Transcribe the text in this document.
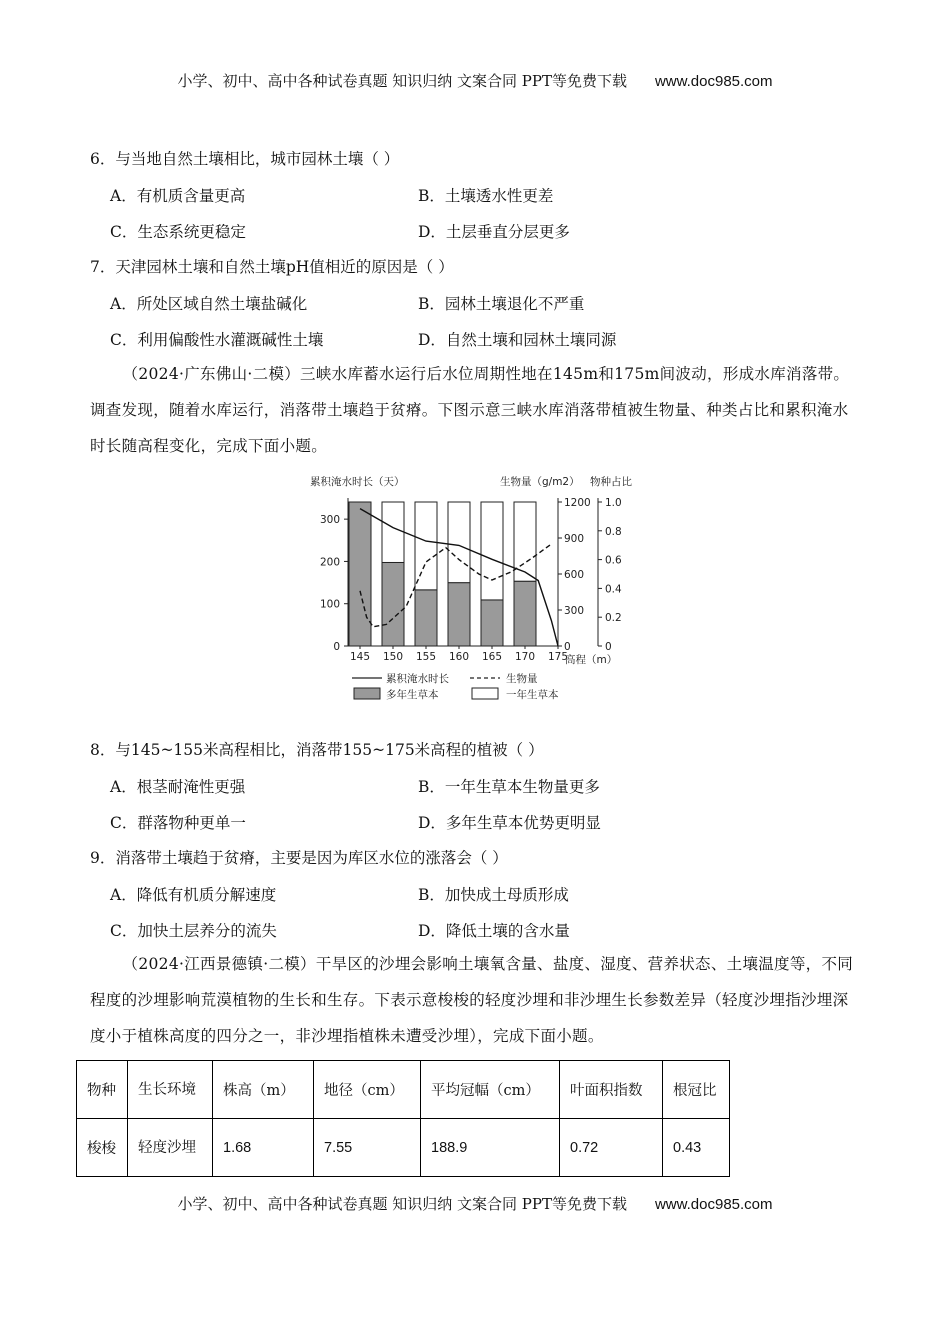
小学、初中、高中各种试卷真题 知识归纳 文案合同 PPT等免费下载 www.doc985.com
6．与当地自然土壤相比，城市园林土壤（ ）
A．有机质含量更高	B．土壤透水性更差
C．生态系统更稳定	D．土层垂直分层更多
7．天津园林土壤和自然土壤pH值相近的原因是（ ）
A．所处区域自然土壤盐碱化	B．园林土壤退化不严重
C．利用偏酸性水灌溉碱性土壤	D．自然土壤和园林土壤同源
（2024·广东佛山·二模）三峡水库蓄水运行后水位周期性地在145m和175m间波动，形成水库消落带。调查发现，随着水库运行，消落带土壤趋于贫瘠。下图示意三峡水库消落带植被生物量、种类占比和累积淹水时长随高程变化，完成下面小题。
累积淹水时长（天）	生物量（g/m2） 物种占比
0
100
200
300
0
300
600
900
1200
0
0.2
0.4
0.6
0.8
1.0
145 150 155 160 165 170 175
高程（m）
累积淹水时长	生物量
多年生草本	一年生草本
8．与145~155米高程相比，消落带155~175米高程的植被（ ）
A．根茎耐淹性更强	B．一年生草本生物量更多
C．群落物种更单一	D．多年生草本优势更明显
9．消落带土壤趋于贫瘠，主要是因为库区水位的涨落会（ ）
A．降低有机质分解速度	B．加快成土母质形成
C．加快土层养分的流失	D．降低土壤的含水量
（2024·江西景德镇·二模）干旱区的沙埋会影响土壤氧含量、盐度、湿度、营养状态、土壤温度等，不同程度的沙埋影响荒漠植物的生长和生存。下表示意梭梭的轻度沙埋和非沙埋生长参数差异（轻度沙埋指沙埋深度小于植株高度的四分之一，非沙埋指植株未遭受沙埋），完成下面小题。
物种	生长环境	株高（m）	地径（cm）	平均冠幅（cm）	叶面积指数	根冠比
梭梭	轻度沙埋	1.68	7.55	188.9	0.72	0.43
小学、初中、高中各种试卷真题 知识归纳 文案合同 PPT等免费下载 www.doc985.com
